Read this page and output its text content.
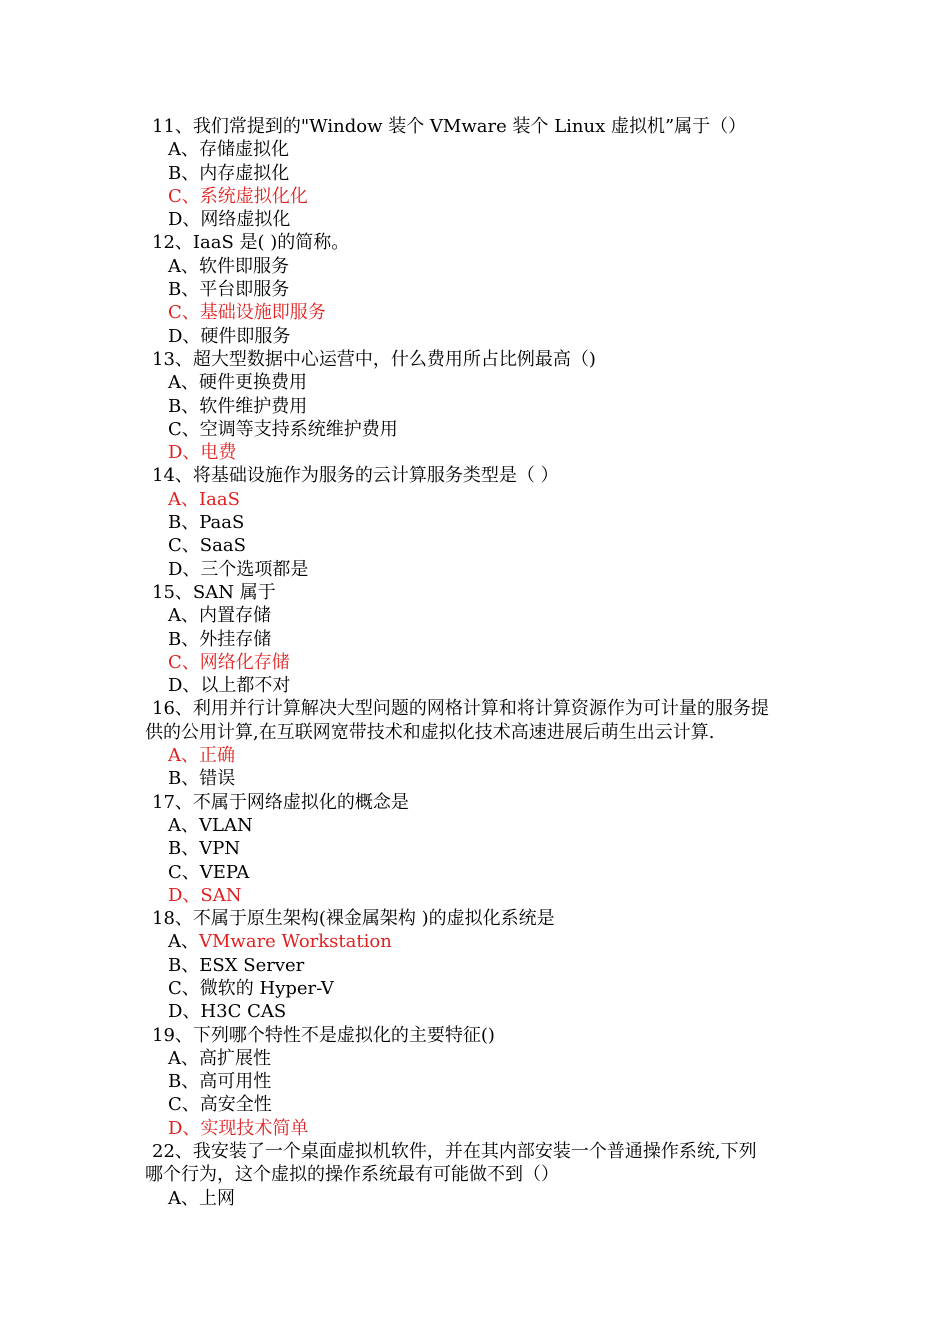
11、我们常提到的"Window 装个 VMware 装个 Linux 虚拟机”属于（）
A、存储虚拟化
B、内存虚拟化
C、系统虚拟化化
D、网络虚拟化
12、IaaS 是( )的简称。
A、软件即服务
B、平台即服务
C、基础设施即服务
D、硬件即服务
13、超大型数据中心运营中，什么费用所占比例最高（)
A、硬件更换费用
B、软件维护费用
C、空调等支持系统维护费用
D、电费
14、将基础设施作为服务的云计算服务类型是（ ）
A、IaaS
B、PaaS
C、SaaS
D、三个选项都是
15、SAN 属于
A、内置存储
B、外挂存储
C、网络化存储
D、以上都不对
16、利用并行计算解决大型问题的网格计算和将计算资源作为可计量的服务提
供的公用计算,在互联网宽带技术和虚拟化技术高速进展后萌生出云计算.
A、正确
B、错误
17、不属于网络虚拟化的概念是
A、VLAN
B、VPN
C、VEPA
D、SAN
18、不属于原生架构(裸金属架构 )的虚拟化系统是
A、VMware Workstation
B、ESX Server
C、微软的 Hyper-V
D、H3C CAS
19、下列哪个特性不是虚拟化的主要特征()
A、高扩展性
B、高可用性
C、高安全性
D、实现技术简单
22、我安装了一个桌面虚拟机软件，并在其内部安装一个普通操作系统,下列
哪个行为，这个虚拟的操作系统最有可能做不到（）
A、上网
